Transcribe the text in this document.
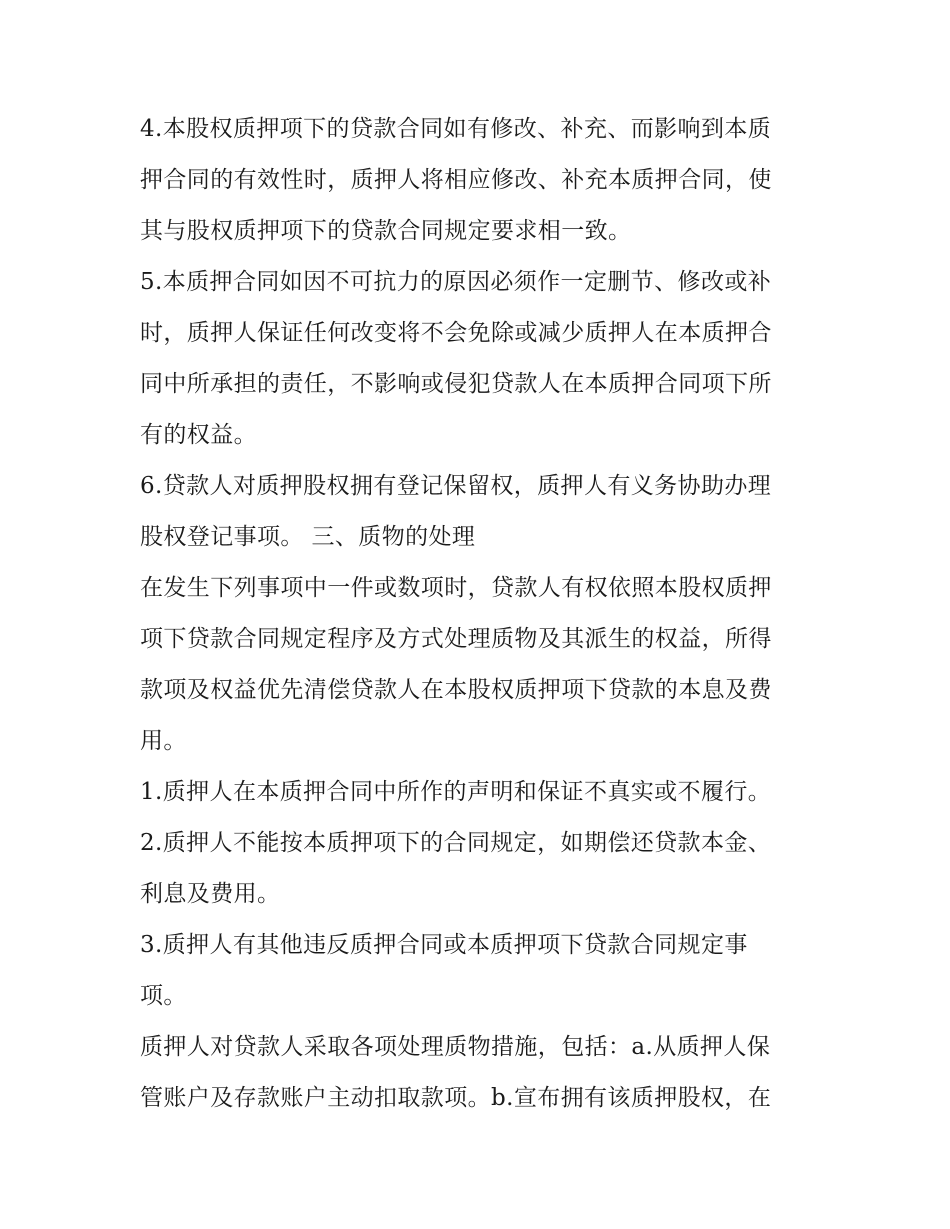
4.本股权质押项下的贷款合同如有修改、补充、而影响到本质
押合同的有效性时，质押人将相应修改、补充本质押合同，使
其与股权质押项下的贷款合同规定要求相一致。
5.本质押合同如因不可抗力的原因必须作一定删节、修改或补
时，质押人保证任何改变将不会免除或减少质押人在本质押合
同中所承担的责任，不影响或侵犯贷款人在本质押合同项下所
有的权益。
6.贷款人对质押股权拥有登记保留权，质押人有义务协助办理
股权登记事项。 三、质物的处理
在发生下列事项中一件或数项时，贷款人有权依照本股权质押
项下贷款合同规定程序及方式处理质物及其派生的权益，所得
款项及权益优先清偿贷款人在本股权质押项下贷款的本息及费
用。
1.质押人在本质押合同中所作的声明和保证不真实或不履行。
2.质押人不能按本质押项下的合同规定，如期偿还贷款本金、
利息及费用。
3.质押人有其他违反质押合同或本质押项下贷款合同规定事
项。
质押人对贷款人采取各项处理质物措施，包括：a.从质押人保
管账户及存款账户主动扣取款项。b.宣布拥有该质押股权，在
